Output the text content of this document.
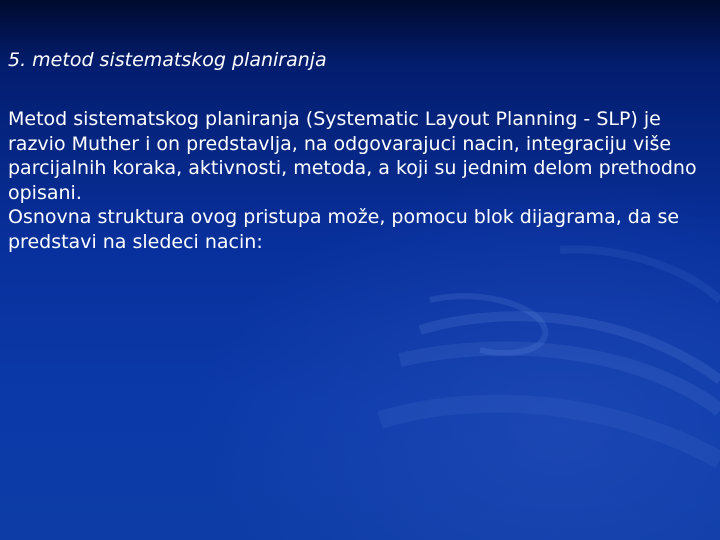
5. metod sistematskog planiranja

Metod sistematskog planiranja (Systematic Layout Planning - SLP) je razvio Muther i on predstavlja, na odgovarajuci nacin, integraciju više parcijalnih koraka, aktivnosti, metoda, a koji su jednim delom prethodno opisani.

Osnovna struktura ovog pristupa može, pomocu blok dijagrama, da se predstavi na sledeci nacin:
